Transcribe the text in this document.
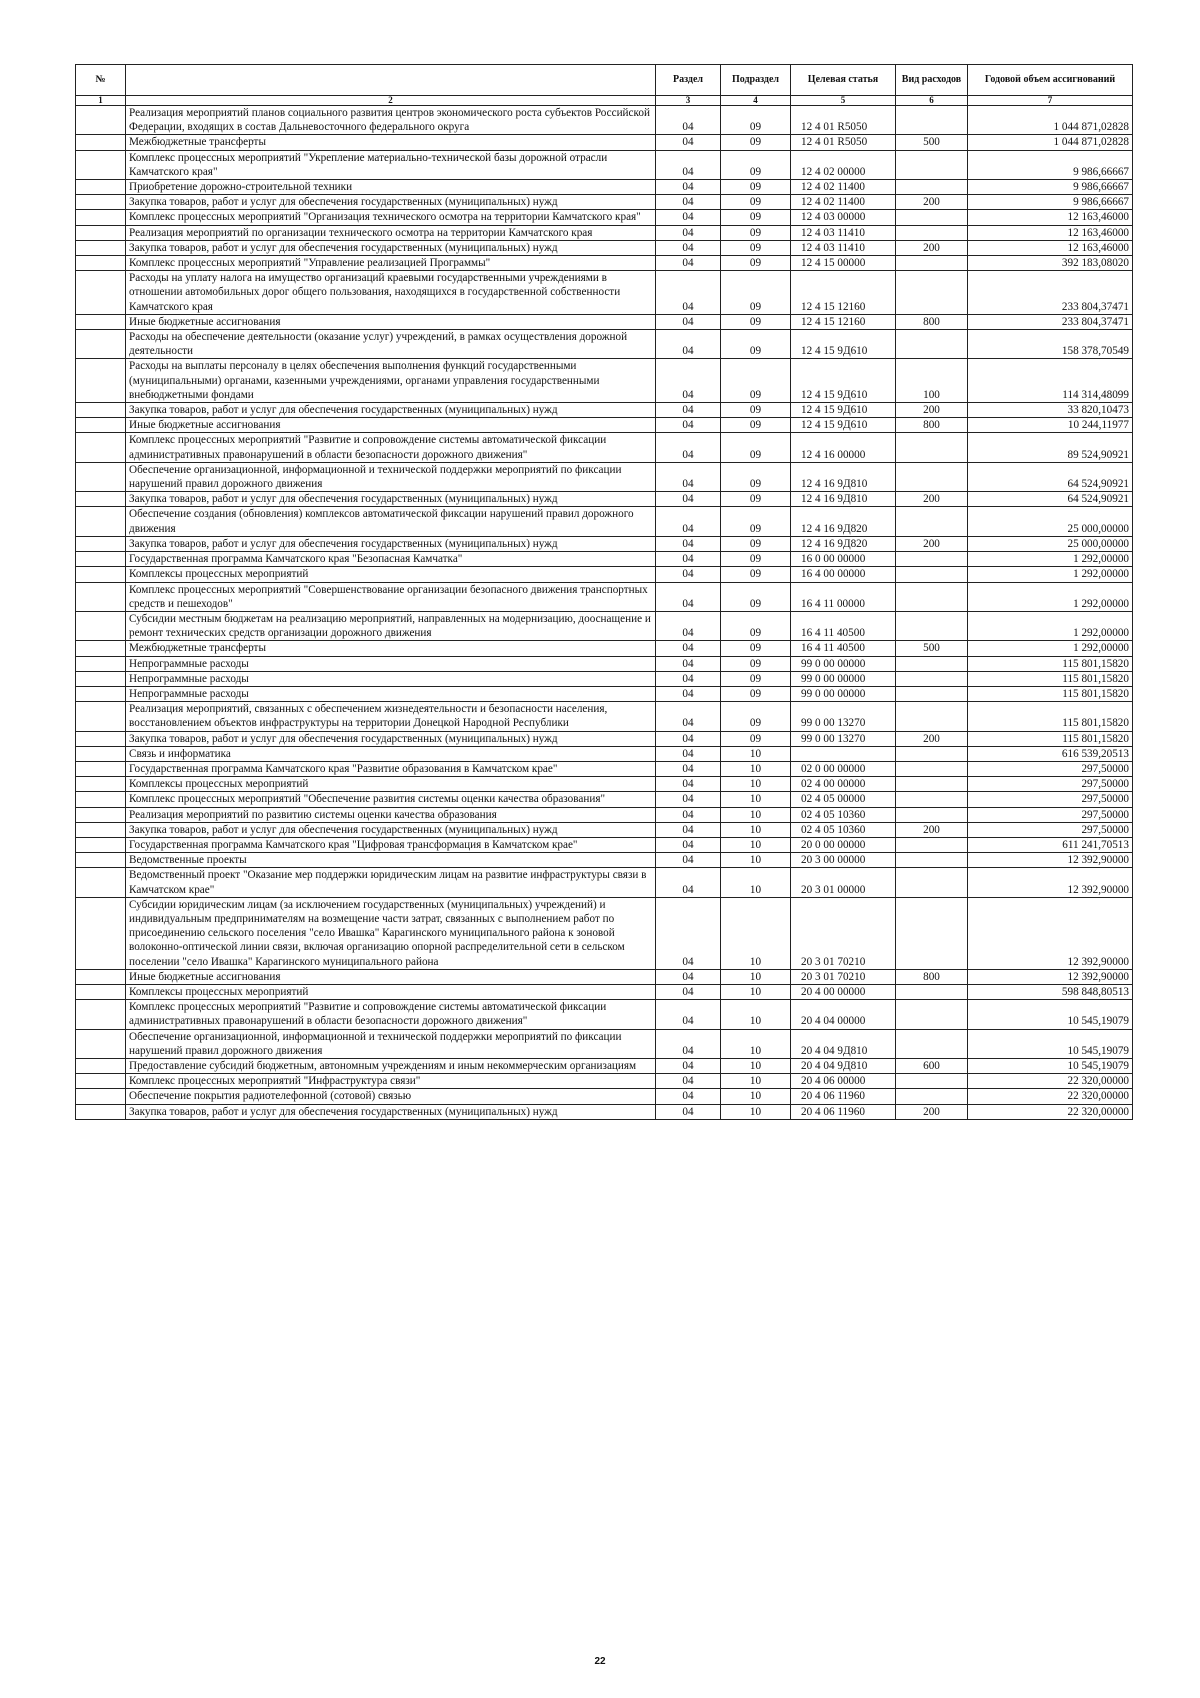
№		Раздел	Подраздел	Целевая статья	Вид расходов	Годовой объем ассигнований
1	2	3	4	5	6	7
	Реализация мероприятий планов социального развития центров экономического роста субъектов Российской Федерации, входящих в состав Дальневосточного федерального округа	04	09	12 4 01 R5050		1 044 871,02828
	Межбюджетные трансферты	04	09	12 4 01 R5050	500	1 044 871,02828
	Комплекс процессных мероприятий "Укрепление материально-технической базы дорожной отрасли Камчатского края"	04	09	12 4 02 00000		9 986,66667
	Приобретение дорожно-строительной техники	04	09	12 4 02 11400		9 986,66667
	Закупка товаров, работ и услуг для обеспечения государственных (муниципальных) нужд	04	09	12 4 02 11400	200	9 986,66667
	Комплекс процессных мероприятий "Организация технического осмотра на территории Камчатского края"	04	09	12 4 03 00000		12 163,46000
	Реализация мероприятий по организации технического осмотра на территории Камчатского края	04	09	12 4 03 11410		12 163,46000
	Закупка товаров, работ и услуг для обеспечения государственных (муниципальных) нужд	04	09	12 4 03 11410	200	12 163,46000
	Комплекс процессных мероприятий "Управление реализацией Программы"	04	09	12 4 15 00000		392 183,08020
	Расходы на уплату налога на имущество организаций краевыми государственными учреждениями в отношении автомобильных дорог общего пользования, находящихся в государственной собственности Камчатского края	04	09	12 4 15 12160		233 804,37471
	Иные бюджетные ассигнования	04	09	12 4 15 12160	800	233 804,37471
	Расходы на обеспечение деятельности (оказание услуг) учреждений, в рамках осуществления дорожной деятельности	04	09	12 4 15 9Д610		158 378,70549
	Расходы на выплаты персоналу в целях обеспечения выполнения функций государственными (муниципальными) органами, казенными учреждениями, органами управления государственными внебюджетными фондами	04	09	12 4 15 9Д610	100	114 314,48099
	Закупка товаров, работ и услуг для обеспечения государственных (муниципальных) нужд	04	09	12 4 15 9Д610	200	33 820,10473
	Иные бюджетные ассигнования	04	09	12 4 15 9Д610	800	10 244,11977
	Комплекс процессных мероприятий "Развитие и сопровождение системы автоматической фиксации административных правонарушений в области безопасности дорожного движения"	04	09	12 4 16 00000		89 524,90921
	Обеспечение организационной, информационной и технической поддержки мероприятий по фиксации нарушений правил дорожного движения	04	09	12 4 16 9Д810		64 524,90921
	Закупка товаров, работ и услуг для обеспечения государственных (муниципальных) нужд	04	09	12 4 16 9Д810	200	64 524,90921
	Обеспечение создания (обновления) комплексов автоматической фиксации нарушений правил дорожного движения	04	09	12 4 16 9Д820		25 000,00000
	Закупка товаров, работ и услуг для обеспечения государственных (муниципальных) нужд	04	09	12 4 16 9Д820	200	25 000,00000
	Государственная программа Камчатского края "Безопасная Камчатка"	04	09	16 0 00 00000		1 292,00000
	Комплексы процессных мероприятий	04	09	16 4 00 00000		1 292,00000
	Комплекс процессных мероприятий "Совершенствование организации безопасного движения транспортных средств и пешеходов"	04	09	16 4 11 00000		1 292,00000
	Субсидии местным бюджетам на реализацию мероприятий, направленных на модернизацию, дооснащение и ремонт технических средств организации дорожного движения	04	09	16 4 11 40500		1 292,00000
	Межбюджетные трансферты	04	09	16 4 11 40500	500	1 292,00000
	Непрограммные расходы	04	09	99 0 00 00000		115 801,15820
	Непрограммные расходы	04	09	99 0 00 00000		115 801,15820
	Непрограммные расходы	04	09	99 0 00 00000		115 801,15820
	Реализация мероприятий, связанных с обеспечением жизнедеятельности и безопасности населения, восстановлением объектов инфраструктуры на территории Донецкой Народной Республики	04	09	99 0 00 13270		115 801,15820
	Закупка товаров, работ и услуг для обеспечения государственных (муниципальных) нужд	04	09	99 0 00 13270	200	115 801,15820
	Связь и информатика	04	10			616 539,20513
	Государственная программа Камчатского края "Развитие образования в Камчатском крае"	04	10	02 0 00 00000		297,50000
	Комплексы процессных мероприятий	04	10	02 4 00 00000		297,50000
	Комплекс процессных мероприятий "Обеспечение развития системы оценки качества образования"	04	10	02 4 05 00000		297,50000
	Реализация мероприятий по развитию системы оценки качества образования	04	10	02 4 05 10360		297,50000
	Закупка товаров, работ и услуг для обеспечения государственных (муниципальных) нужд	04	10	02 4 05 10360	200	297,50000
	Государственная программа Камчатского края "Цифровая трансформация в Камчатском крае"	04	10	20 0 00 00000		611 241,70513
	Ведомственные проекты	04	10	20 3 00 00000		12 392,90000
	Ведомственный проект "Оказание мер поддержки юридическим лицам на развитие инфраструктуры связи в Камчатском крае"	04	10	20 3 01 00000		12 392,90000
	Субсидии юридическим лицам (за исключением государственных (муниципальных) учреждений) и индивидуальным предпринимателям на возмещение части затрат, связанных с выполнением работ по присоединению сельского поселения "село Ивашка" Карагинского муниципального района к зоновой волоконно-оптической линии связи, включая организацию опорной распределительной сети в сельском поселении "село Ивашка" Карагинского муниципального района	04	10	20 3 01 70210		12 392,90000
	Иные бюджетные ассигнования	04	10	20 3 01 70210	800	12 392,90000
	Комплексы процессных мероприятий	04	10	20 4 00 00000		598 848,80513
	Комплекс процессных мероприятий "Развитие и сопровождение системы автоматической фиксации административных правонарушений в области безопасности дорожного движения"	04	10	20 4 04 00000		10 545,19079
	Обеспечение организационной, информационной и технической поддержки мероприятий по фиксации нарушений правил дорожного движения	04	10	20 4 04 9Д810		10 545,19079
	Предоставление субсидий бюджетным, автономным учреждениям и иным некоммерческим организациям	04	10	20 4 04 9Д810	600	10 545,19079
	Комплекс процессных мероприятий "Инфраструктура связи"	04	10	20 4 06 00000		22 320,00000
	Обеспечение покрытия радиотелефонной (сотовой) связью	04	10	20 4 06 11960		22 320,00000
	Закупка товаров, работ и услуг для обеспечения государственных (муниципальных) нужд	04	10	20 4 06 11960	200	22 320,00000
22
